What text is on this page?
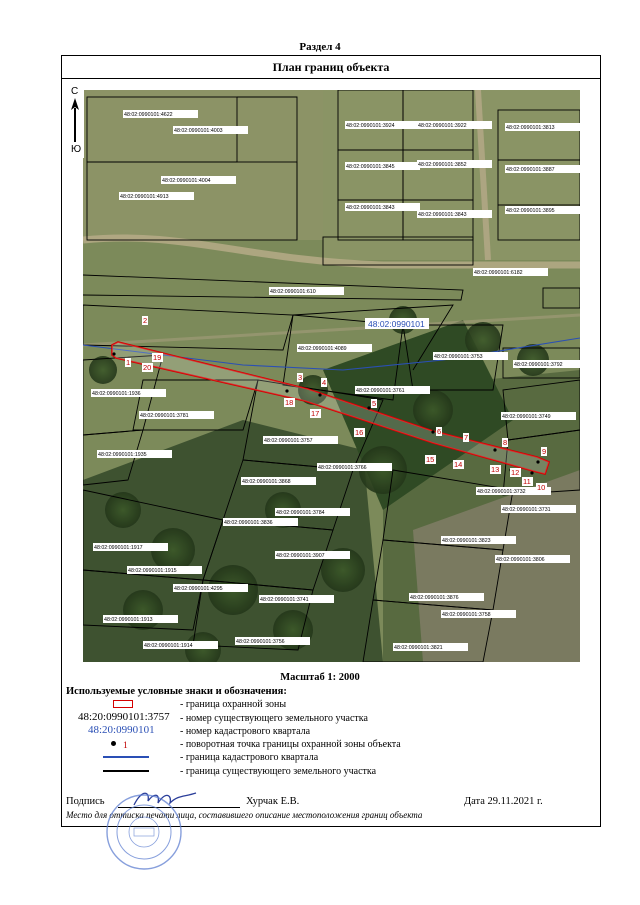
Раздел 4
План границ объекта
48:02:0990101:4622
48:02:0990101:4003
48:02:0990101:4004
48:02:0990101:4913
48:02:0990101:3924	48:02:0990101:3922	48:02:0990101:3813
48:02:0990101:3845	48:02:0990101:3852
48:02:0990101:3887
48:02:0990101:3843
48:02:0990101:3843
48:02:0990101:3895
48:02:0990101:6182
48:02:0990101:610
48:02:0990101:4089
48:02:0990101:3753
48:02:0990101:3792
48:02:0990101:1936	48:02:0990101:3761
48:02:0990101:3781	48:02:0990101:3749
48:02:0990101:3757
48:02:0990101:1935
48:02:0990101:3766
48:02:0990101:3868
48:02:0990101:3732
48:02:0990101:3731
48:02:0990101:3836
48:02:0990101:3784
48:02:0990101:3823
48:02:0990101:1917
48:02:0990101:3907
48:02:0990101:3806
48:02:0990101:1915
48:02:0990101:4295
48:02:0990101:3876
48:02:0990101:3741
48:02:0990101:1913
48:02:0990101:3758
48:02:0990101:1914
48:02:0990101:3756
48:02:0990101:3821
48:02:0990101
1
2
3
4
5
6
7
8
9
10
11
12
13
14
15
16
17
18
19
20
С
Ю
Масштаб 1: 2000
Используемые условные знаки и обозначения:
- граница охранной зоны
48:20:0990101:3757 - номер существующего земельного участка
48:20:0990101	- номер кадастрового квартала
1	- поворотная точка границы охранной зоны объекта
- граница кадастрового квартала
- граница существующего земельного участка
Подпись	Хурчак Е.В.	Дата 29.11.2021 г.
Место для оттиска печати лица, составившего описание местоположения границ объекта
